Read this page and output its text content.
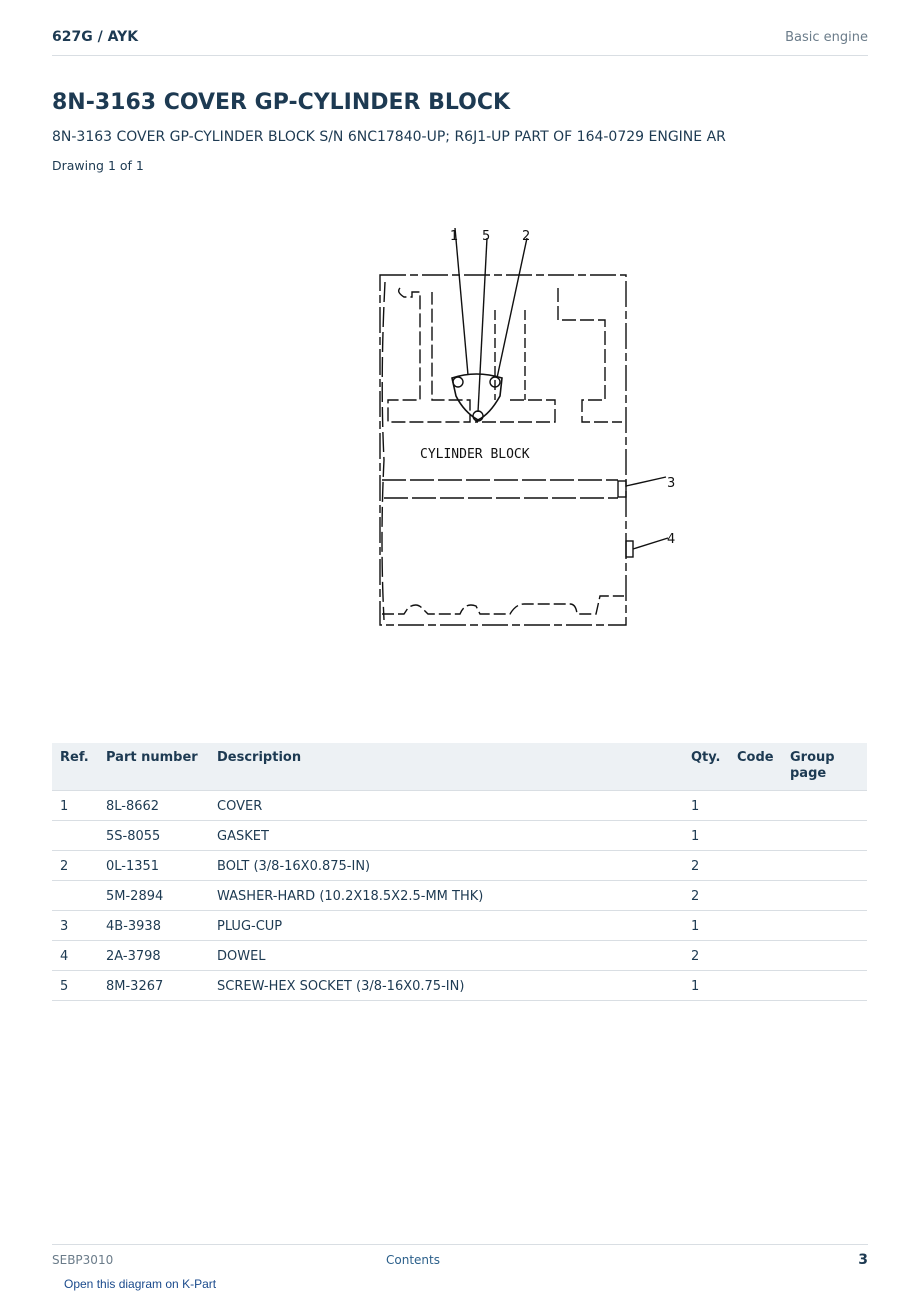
627G / AYK	Basic engine
8N-3163 COVER GP-CYLINDER BLOCK
8N-3163 COVER GP-CYLINDER BLOCK S/N 6NC17840-UP; R6J1-UP PART OF 164-0729 ENGINE AR
Drawing 1 of 1
CYLINDER BLOCK
1 5 2
3
4
Ref.	Part number	Description	Qty.	Code	Group page
1	8L-8662	COVER	1		
	5S-8055	GASKET	1		
2	0L-1351	BOLT (3/8-16X0.875-IN)	2		
	5M-2894	WASHER-HARD (10.2X18.5X2.5-MM THK)	2		
3	4B-3938	PLUG-CUP	1		
4	2A-3798	DOWEL	2		
5	8M-3267	SCREW-HEX SOCKET (3/8-16X0.75-IN)	1		
SEBP3010	Contents	3
Open this diagram on K-Part
